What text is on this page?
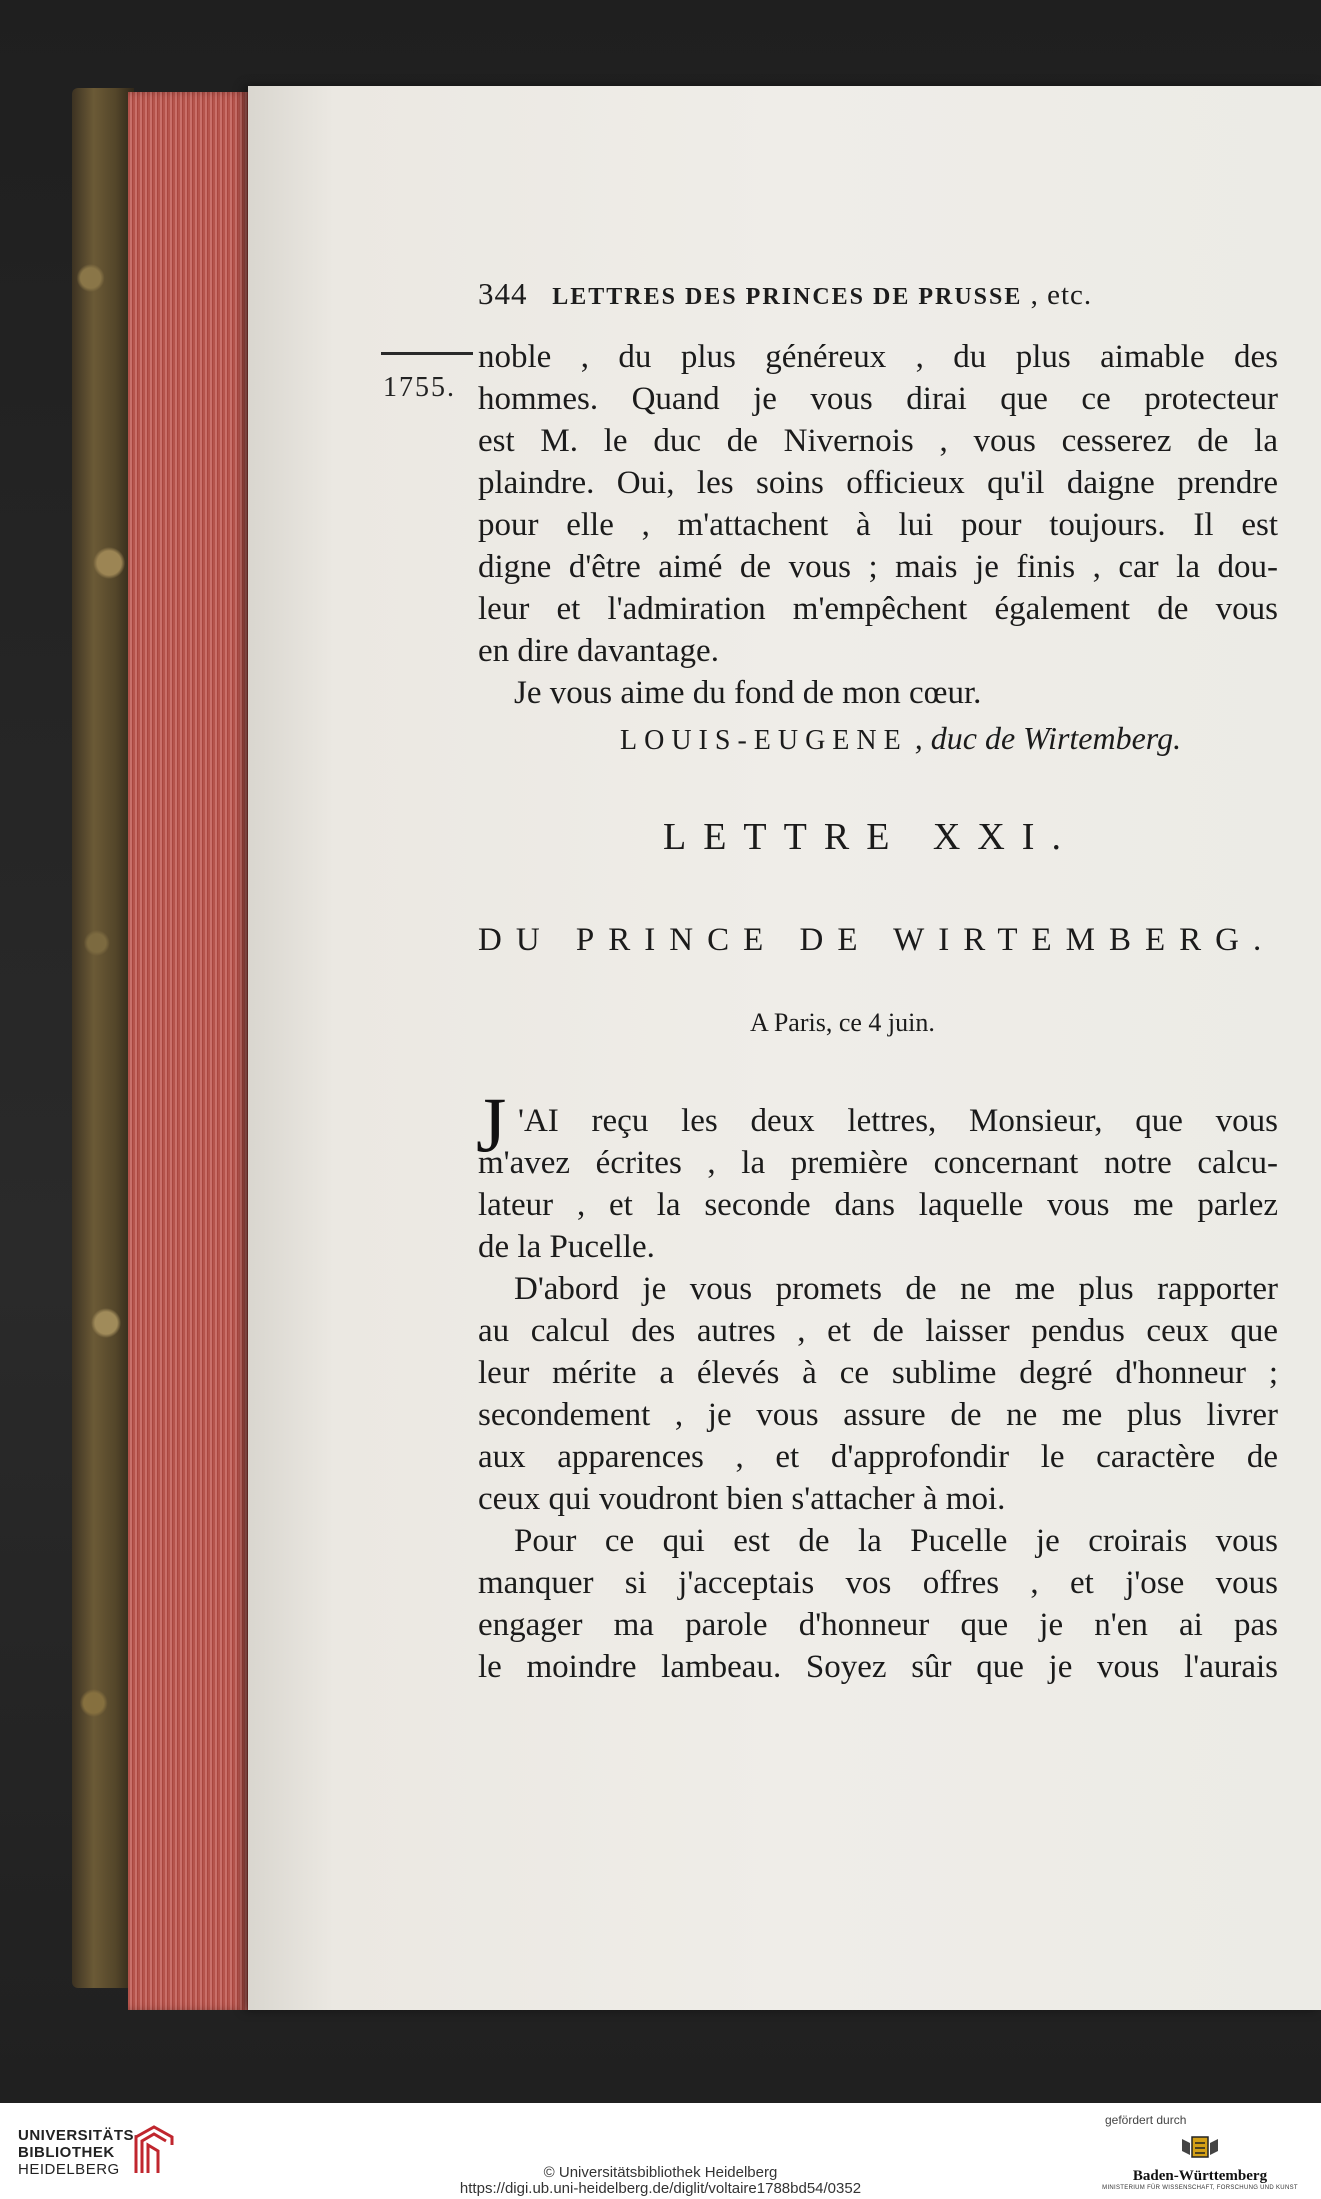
344 LETTRES DES PRINCES DE PRUSSE , etc.
1755.
noble , du plus généreux , du plus aimable des
hommes. Quand je vous dirai que ce protecteur
est M. le duc de Nivernois , vous cesserez de la
plaindre. Oui, les soins officieux qu'il daigne prendre
pour elle , m'attachent à lui pour toujours. Il est
digne d'être aimé de vous ; mais je finis , car la dou-
leur et l'admiration m'empêchent également de vous
en dire davantage.
Je vous aime du fond de mon cœur.
LOUIS-EUGENE , duc de Wirtemberg.
LETTRE XXI.
DU PRINCE DE WIRTEMBERG.
A Paris, ce 4 juin.
J 'AI reçu les deux lettres, Monsieur, que vous
m'avez écrites , la première concernant notre calcu-
lateur , et la seconde dans laquelle vous me parlez
de la Pucelle.
D'abord je vous promets de ne me plus rapporter
au calcul des autres , et de laisser pendus ceux que
leur mérite a élevés à ce sublime degré d'honneur ;
secondement , je vous assure de ne me plus livrer
aux apparences , et d'approfondir le caractère de
ceux qui voudront bien s'attacher à moi.
Pour ce qui est de la Pucelle je croirais vous
manquer si j'acceptais vos offres , et j'ose vous
engager ma parole d'honneur que je n'en ai pas
le moindre lambeau. Soyez sûr que je vous l'aurais
UNIVERSITÄTS-
BIBLIOTHEK
HEIDELBERG	© Universitätsbibliothek Heidelberg
https://digi.ub.uni-heidelberg.de/diglit/voltaire1788bd54/0352
gefördert durch
Baden-Württemberg
MINISTERIUM FÜR WISSENSCHAFT, FORSCHUNG UND KUNST
